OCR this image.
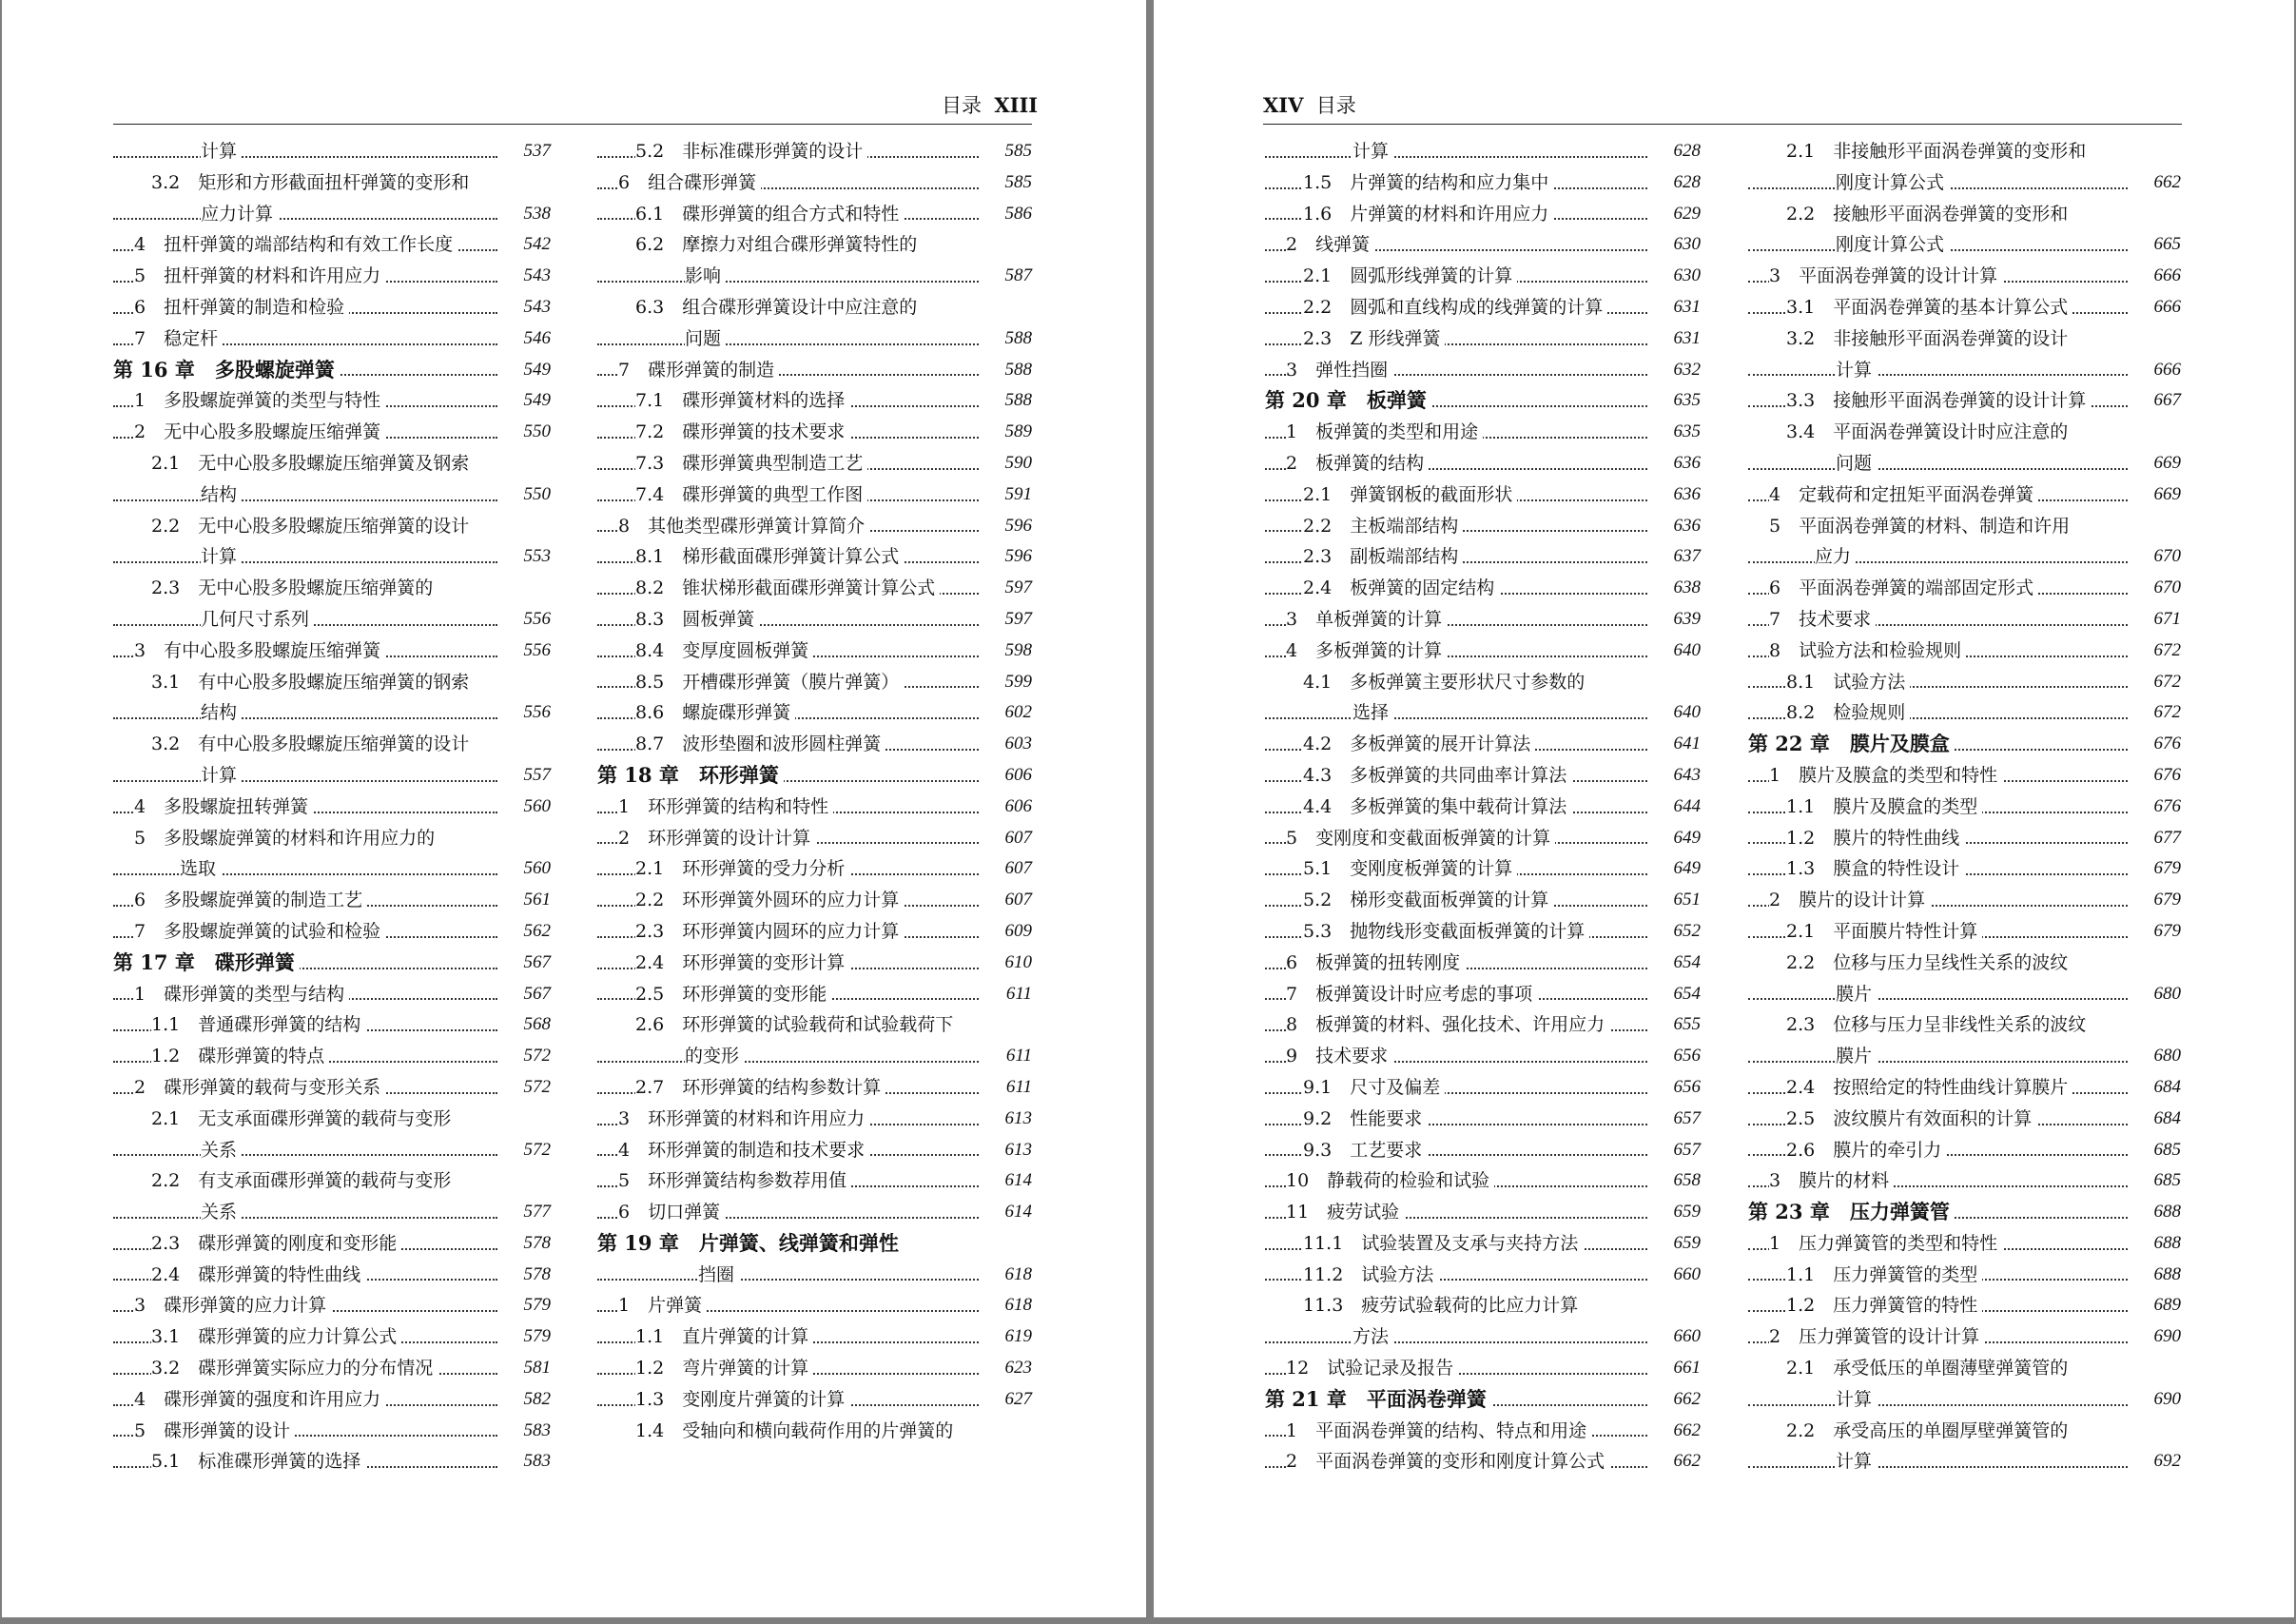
目录 XIII
计算	537
3.2　矩形和方形截面扭杆弹簧的变形和
应力计算	538
4　扭杆弹簧的端部结构和有效工作长度	542
5　扭杆弹簧的材料和许用应力	543
6　扭杆弹簧的制造和检验	543
7　稳定杆	546
第 16 章　多股螺旋弹簧	549
1　多股螺旋弹簧的类型与特性	549
2　无中心股多股螺旋压缩弹簧	550
2.1　无中心股多股螺旋压缩弹簧及钢索
结构	550
2.2　无中心股多股螺旋压缩弹簧的设计
计算	553
2.3　无中心股多股螺旋压缩弹簧的
几何尺寸系列	556
3　有中心股多股螺旋压缩弹簧	556
3.1　有中心股多股螺旋压缩弹簧的钢索
结构	556
3.2　有中心股多股螺旋压缩弹簧的设计
计算	557
4　多股螺旋扭转弹簧	560
5　多股螺旋弹簧的材料和许用应力的
选取	560
6　多股螺旋弹簧的制造工艺	561
7　多股螺旋弹簧的试验和检验	562
第 17 章　碟形弹簧	567
1　碟形弹簧的类型与结构	567
1.1　普通碟形弹簧的结构	568
1.2　碟形弹簧的特点	572
2　碟形弹簧的载荷与变形关系	572
2.1　无支承面碟形弹簧的载荷与变形
关系	572
2.2　有支承面碟形弹簧的载荷与变形
关系	577
2.3　碟形弹簧的刚度和变形能	578
2.4　碟形弹簧的特性曲线	578
3　碟形弹簧的应力计算	579
3.1　碟形弹簧的应力计算公式	579
3.2　碟形弹簧实际应力的分布情况	581
4　碟形弹簧的强度和许用应力	582
5　碟形弹簧的设计	583
5.1　标准碟形弹簧的选择	583
5.2　非标准碟形弹簧的设计	585
6　组合碟形弹簧	585
6.1　碟形弹簧的组合方式和特性	586
6.2　摩擦力对组合碟形弹簧特性的
影响	587
6.3　组合碟形弹簧设计中应注意的
问题	588
7　碟形弹簧的制造	588
7.1　碟形弹簧材料的选择	588
7.2　碟形弹簧的技术要求	589
7.3　碟形弹簧典型制造工艺	590
7.4　碟形弹簧的典型工作图	591
8　其他类型碟形弹簧计算简介	596
8.1　梯形截面碟形弹簧计算公式	596
8.2　锥状梯形截面碟形弹簧计算公式	597
8.3　圆板弹簧	597
8.4　变厚度圆板弹簧	598
8.5　开槽碟形弹簧（膜片弹簧）	599
8.6　螺旋碟形弹簧	602
8.7　波形垫圈和波形圆柱弹簧	603
第 18 章　环形弹簧	606
1　环形弹簧的结构和特性	606
2　环形弹簧的设计计算	607
2.1　环形弹簧的受力分析	607
2.2　环形弹簧外圆环的应力计算	607
2.3　环形弹簧内圆环的应力计算	609
2.4　环形弹簧的变形计算	610
2.5　环形弹簧的变形能	611
2.6　环形弹簧的试验载荷和试验载荷下
的变形	611
2.7　环形弹簧的结构参数计算	611
3　环形弹簧的材料和许用应力	613
4　环形弹簧的制造和技术要求	613
5　环形弹簧结构参数荐用值	614
6　切口弹簧	614
第 19 章　片弹簧、线弹簧和弹性
挡圈	618
1　片弹簧	618
1.1　直片弹簧的计算	619
1.2　弯片弹簧的计算	623
1.3　变刚度片弹簧的计算	627
1.4　受轴向和横向载荷作用的片弹簧的
XIV 目录
计算	628
1.5　片弹簧的结构和应力集中	628
1.6　片弹簧的材料和许用应力	629
2　线弹簧	630
2.1　圆弧形线弹簧的计算	630
2.2　圆弧和直线构成的线弹簧的计算	631
2.3　Z 形线弹簧	631
3　弹性挡圈	632
第 20 章　板弹簧	635
1　板弹簧的类型和用途	635
2　板弹簧的结构	636
2.1　弹簧钢板的截面形状	636
2.2　主板端部结构	636
2.3　副板端部结构	637
2.4　板弹簧的固定结构	638
3　单板弹簧的计算	639
4　多板弹簧的计算	640
4.1　多板弹簧主要形状尺寸参数的
选择	640
4.2　多板弹簧的展开计算法	641
4.3　多板弹簧的共同曲率计算法	643
4.4　多板弹簧的集中载荷计算法	644
5　变刚度和变截面板弹簧的计算	649
5.1　变刚度板弹簧的计算	649
5.2　梯形变截面板弹簧的计算	651
5.3　抛物线形变截面板弹簧的计算	652
6　板弹簧的扭转刚度	654
7　板弹簧设计时应考虑的事项	654
8　板弹簧的材料、强化技术、许用应力	655
9　技术要求	656
9.1　尺寸及偏差	656
9.2　性能要求	657
9.3　工艺要求	657
10　静载荷的检验和试验	658
11　疲劳试验	659
11.1　试验装置及支承与夹持方法	659
11.2　试验方法	660
11.3　疲劳试验载荷的比应力计算
方法	660
12　试验记录及报告	661
第 21 章　平面涡卷弹簧	662
1　平面涡卷弹簧的结构、特点和用途	662
2　平面涡卷弹簧的变形和刚度计算公式	662
2.1　非接触形平面涡卷弹簧的变形和
刚度计算公式	662
2.2　接触形平面涡卷弹簧的变形和
刚度计算公式	665
3　平面涡卷弹簧的设计计算	666
3.1　平面涡卷弹簧的基本计算公式	666
3.2　非接触形平面涡卷弹簧的设计
计算	666
3.3　接触形平面涡卷弹簧的设计计算	667
3.4　平面涡卷弹簧设计时应注意的
问题	669
4　定载荷和定扭矩平面涡卷弹簧	669
5　平面涡卷弹簧的材料、制造和许用
应力	670
6　平面涡卷弹簧的端部固定形式	670
7　技术要求	671
8　试验方法和检验规则	672
8.1　试验方法	672
8.2　检验规则	672
第 22 章　膜片及膜盒	676
1　膜片及膜盒的类型和特性	676
1.1　膜片及膜盒的类型	676
1.2　膜片的特性曲线	677
1.3　膜盒的特性设计	679
2　膜片的设计计算	679
2.1　平面膜片特性计算	679
2.2　位移与压力呈线性关系的波纹
膜片	680
2.3　位移与压力呈非线性关系的波纹
膜片	680
2.4　按照给定的特性曲线计算膜片	684
2.5　波纹膜片有效面积的计算	684
2.6　膜片的牵引力	685
3　膜片的材料	685
第 23 章　压力弹簧管	688
1　压力弹簧管的类型和特性	688
1.1　压力弹簧管的类型	688
1.2　压力弹簧管的特性	689
2　压力弹簧管的设计计算	690
2.1　承受低压的单圈薄壁弹簧管的
计算	690
2.2　承受高压的单圈厚壁弹簧管的
计算	692
